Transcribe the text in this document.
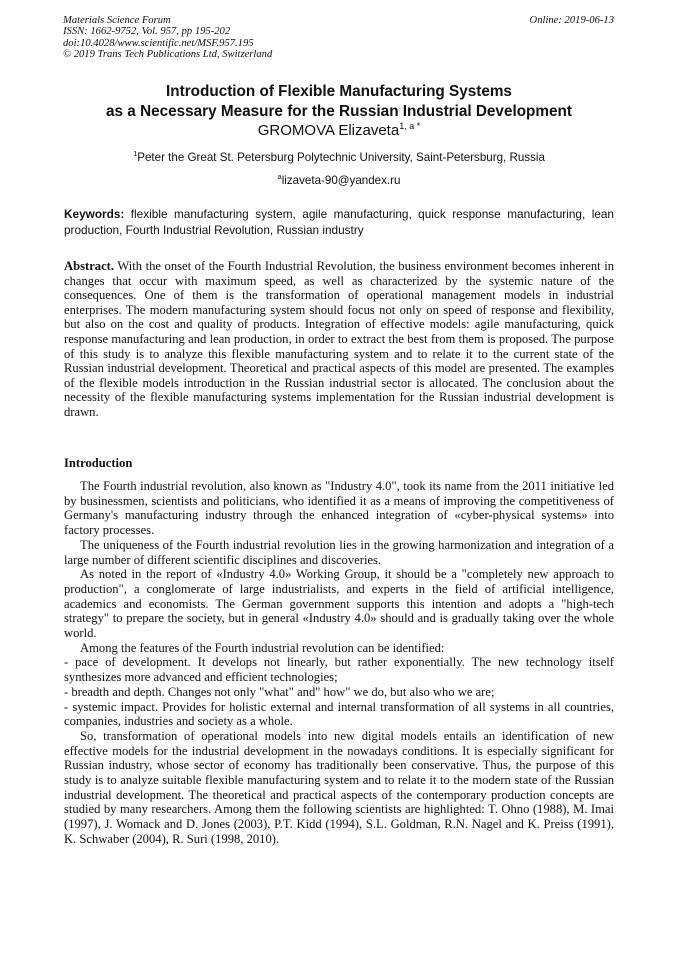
Materials Science Forum
ISSN: 1662-9752, Vol. 957, pp 195-202
doi:10.4028/www.scientific.net/MSF.957.195
© 2019 Trans Tech Publications Ltd, Switzerland
Online: 2019-06-13
Introduction of Flexible Manufacturing Systems
as a Necessary Measure for the Russian Industrial Development
GROMOVA Elizaveta$^{1, a *}$
$^1$Peter the Great St. Petersburg Polytechnic University, Saint-Petersburg, Russia
$^a$lizaveta-90@yandex.ru
Keywords: flexible manufacturing system, agile manufacturing, quick response manufacturing, lean production, Fourth Industrial Revolution, Russian industry
Abstract. With the onset of the Fourth Industrial Revolution, the business environment becomes inherent in changes that occur with maximum speed, as well as characterized by the systemic nature of the consequences. One of them is the transformation of operational management models in industrial enterprises. The modern manufacturing system should focus not only on speed of response and flexibility, but also on the cost and quality of products. Integration of effective models: agile manufacturing, quick response manufacturing and lean production, in order to extract the best from them is proposed. The purpose of this study is to analyze this flexible manufacturing system and to relate it to the current state of the Russian industrial development. Theoretical and practical aspects of this model are presented. The examples of the flexible models introduction in the Russian industrial sector is allocated. The conclusion about the necessity of the flexible manufacturing systems implementation for the Russian industrial development is drawn.
Introduction

The Fourth industrial revolution, also known as "Industry 4.0", took its name from the 2011 initiative led by businessmen, scientists and politicians, who identified it as a means of improving the competitiveness of Germany's manufacturing industry through the enhanced integration of «cyber-physical systems» into factory processes.

The uniqueness of the Fourth industrial revolution lies in the growing harmonization and integration of a large number of different scientific disciplines and discoveries.

As noted in the report of «Industry 4.0» Working Group, it should be a "completely new approach to production", a conglomerate of large industrialists, and experts in the field of artificial intelligence, academics and economists. The German government supports this intention and adopts a "high-tech strategy" to prepare the society, but in general «Industry 4.0» should and is gradually taking over the whole world.

Among the features of the Fourth industrial revolution can be identified:

- pace of development. It develops not linearly, but rather exponentially. The new technology itself synthesizes more advanced and efficient technologies;

- breadth and depth. Changes not only "what" and" how" we do, but also who we are;

- systemic impact. Provides for holistic external and internal transformation of all systems in all countries, companies, industries and society as a whole.

So, transformation of operational models into new digital models entails an identification of new effective models for the industrial development in the nowadays conditions. It is especially significant for Russian industry, whose sector of economy has traditionally been conservative. Thus, the purpose of this study is to analyze suitable flexible manufacturing system and to relate it to the modern state of the Russian industrial development. The theoretical and practical aspects of the contemporary production concepts are studied by many researchers. Among them the following scientists are highlighted: T. Ohno (1988), M. Imai (1997), J. Womack and D. Jones (2003), P.T. Kidd (1994), S.L. Goldman, R.N. Nagel and K. Preiss (1991), K. Schwaber (2004), R. Suri (1998, 2010).
